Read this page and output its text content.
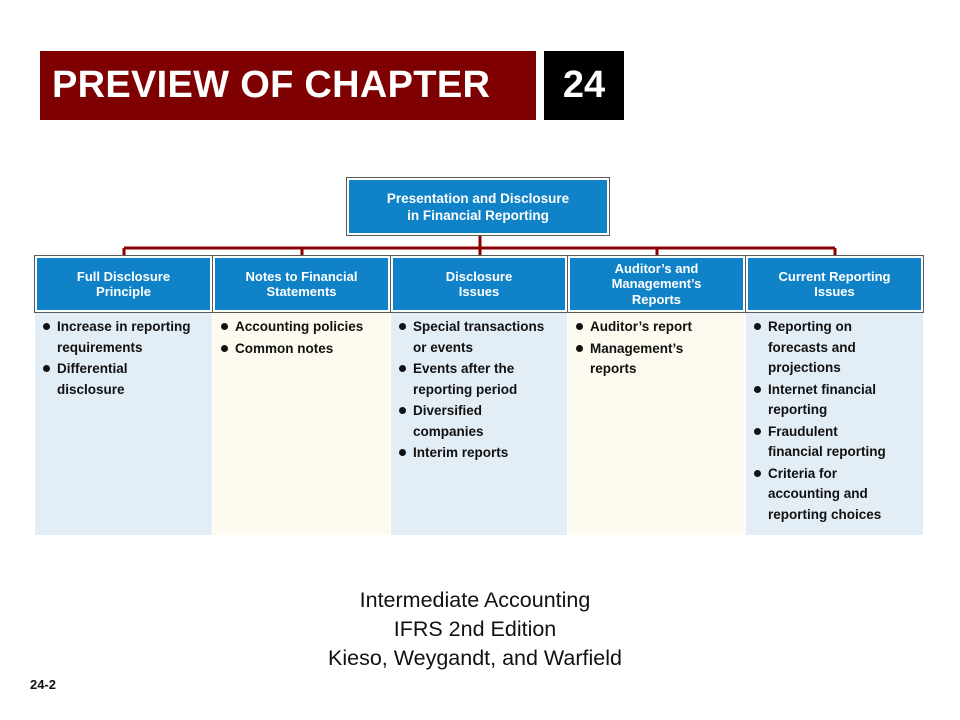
PREVIEW OF CHAPTER	24
Presentation and Disclosure
in Financial Reporting
Full Disclosure
Principle
Increase in reporting
requirements
Differential
disclosure
Notes to Financial
Statements
Accounting policies
Common notes
Disclosure
Issues
Special transactions
or events
Events after the
reporting period
Diversified
companies
Interim reports
Auditor’s and
Management’s
Reports
Auditor’s report
Management’s
reports
Current Reporting
Issues
Reporting on
forecasts and
projections
Internet financial
reporting
Fraudulent
financial reporting
Criteria for
accounting and
reporting choices
Intermediate Accounting
IFRS 2nd Edition
Kieso, Weygandt, and Warfield
24-2
